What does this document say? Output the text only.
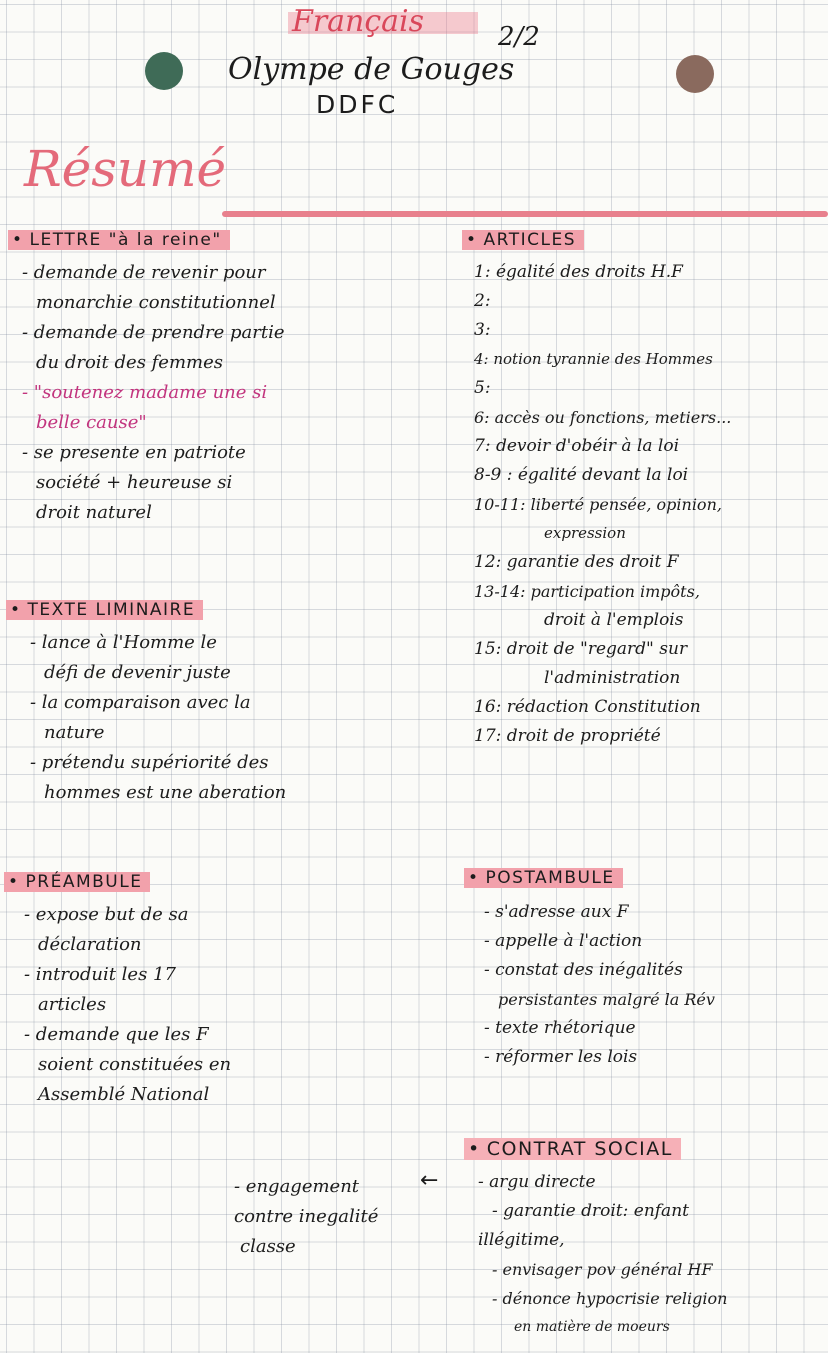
Français	2/2
Olympe de Gouges
DDFC
Résumé
• LETTRE "à la reine"
- demande de revenir pour
monarchie constitutionnel
- demande de prendre partie
du droit des femmes
- "soutenez madame une si
belle cause"
- se presente en patriote
société + heureuse si
droit naturel
• TEXTE LIMINAIRE
- lance à l'Homme le
défi de devenir juste
- la comparaison avec la
nature
- prétendu supériorité des
hommes est une aberation
• PRÉAMBULE
- expose but de sa
déclaration
- introduit les 17
articles
- demande que les F
soient constituées en
Assemblé National
• ARTICLES
1: égalité des droits H.F
2:
3:
4: notion tyrannie des Hommes
5:
6: accès ou fonctions, metiers...
7: devoir d'obéir à la loi
8-9 : égalité devant la loi
10-11: liberté pensée, opinion,
expression
12: garantie des droit F
13-14: participation impôts,
droit à l'emplois
15: droit de "regard" sur
l'administration
16: rédaction Constitution
17: droit de propriété
• POSTAMBULE
- s'adresse aux F
- appelle à l'action
- constat des inégalités
persistantes malgré la Rév
- texte rhétorique
- réformer les lois
• CONTRAT SOCIAL
- argu directe
- garantie droit: enfant
illégitime,
- envisager pov général HF
- dénonce hypocrisie religion
en matière de moeurs
- engagement
contre inegalité
classe
←
